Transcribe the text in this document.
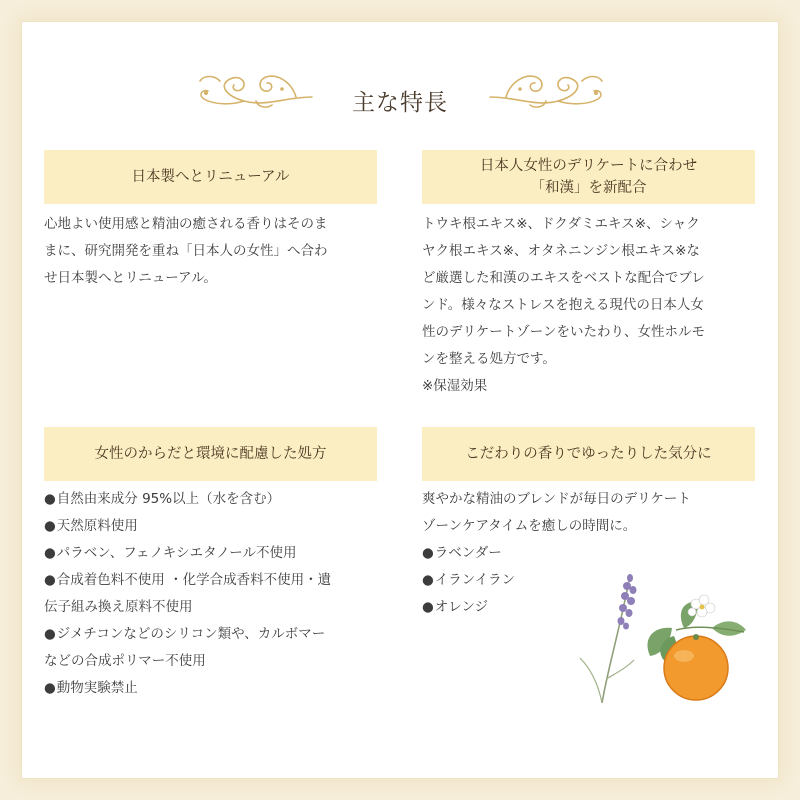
主な特長
日本製へとリニューアル
心地よい使用感と精油の癒される香りはそのま
まに、研究開発を重ね「日本人の女性」へ合わ
せ日本製へとリニューアル。
日本人女性のデリケートに合わせ
「和漢」を新配合
トウキ根エキス※、ドクダミエキス※、シャク
ヤク根エキス※、オタネニンジン根エキス※な
ど厳選した和漢のエキスをベストな配合でブレ
ンド。様々なストレスを抱える現代の日本人女
性のデリケートゾーンをいたわり、女性ホルモ
ンを整える処方です。
※保湿効果
女性のからだと環境に配慮した処方
●自然由来成分 95%以上（水を含む）
●天然原料使用
●パラベン、フェノキシエタノール不使用
●合成着色料不使用 ・化学合成香料不使用・遺
伝子組み換え原料不使用
●ジメチコンなどのシリコン類や、カルボマー
などの合成ポリマー不使用
●動物実験禁止
こだわりの香りでゆったりした気分に
爽やかな精油のブレンドが毎日のデリケート
ゾーンケアタイムを癒しの時間に。
●ラベンダー
●イランイラン
●オレンジ
